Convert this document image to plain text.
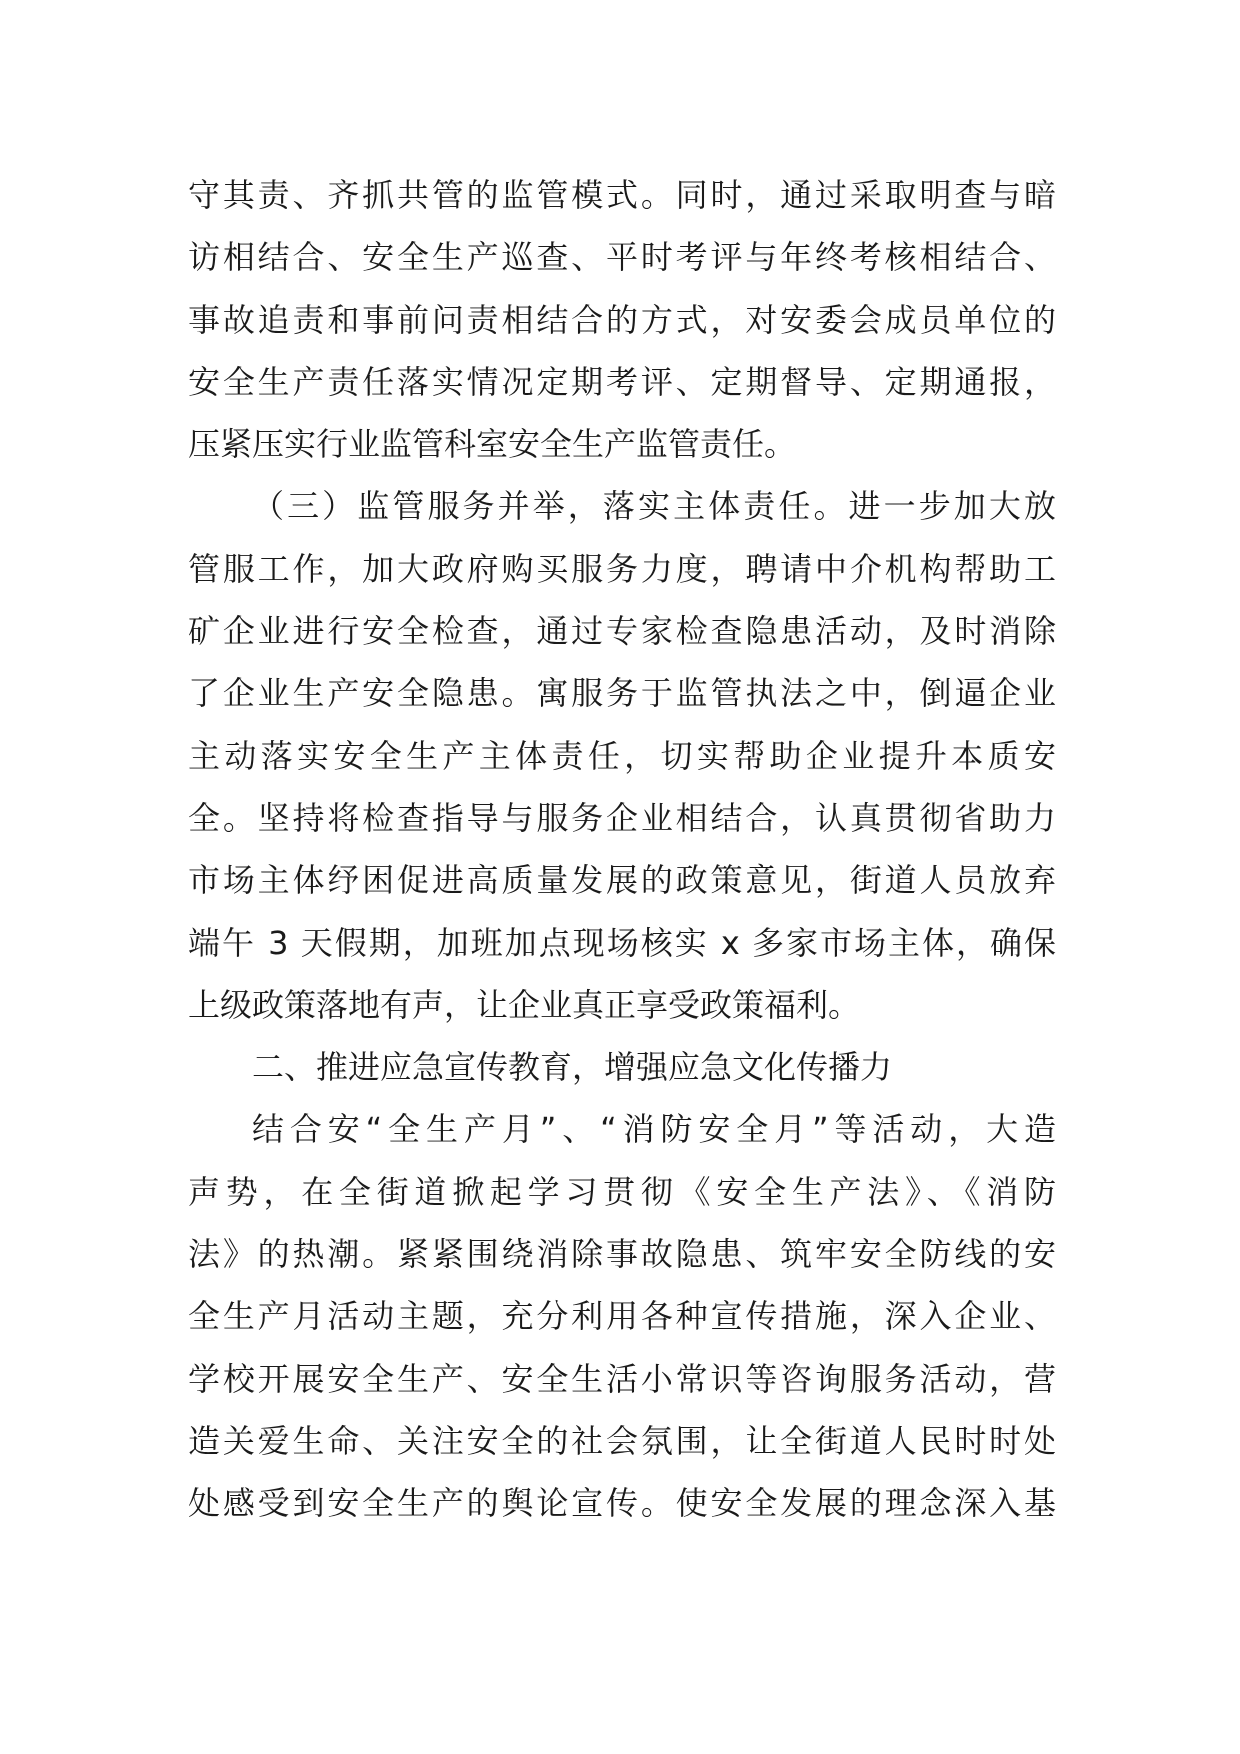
守其责、齐抓共管的监管模式。同时，通过采取明查与暗
访相结合、安全生产巡查、平时考评与年终考核相结合、
事故追责和事前问责相结合的方式，对安委会成员单位的
安全生产责任落实情况定期考评、定期督导、定期通报，
压紧压实行业监管科室安全生产监管责任。
（三）监管服务并举，落实主体责任。进一步加大放
管服工作，加大政府购买服务力度，聘请中介机构帮助工
矿企业进行安全检查，通过专家检查隐患活动，及时消除
了企业生产安全隐患。寓服务于监管执法之中，倒逼企业
主动落实安全生产主体责任，切实帮助企业提升本质安
全。坚持将检查指导与服务企业相结合，认真贯彻省助力
市场主体纾困促进高质量发展的政策意见，街道人员放弃
端午 3 天假期，加班加点现场核实 x 多家市场主体，确保
上级政策落地有声，让企业真正享受政策福利。
二、推进应急宣传教育，增强应急文化传播力
结合安“全生产月”、“消防安全月”等活动，大造
声势，在全街道掀起学习贯彻《安全生产法》、《消防
法》的热潮。紧紧围绕消除事故隐患、筑牢安全防线的安
全生产月活动主题，充分利用各种宣传措施，深入企业、
学校开展安全生产、安全生活小常识等咨询服务活动，营
造关爱生命、关注安全的社会氛围，让全街道人民时时处
处感受到安全生产的舆论宣传。使安全发展的理念深入基
